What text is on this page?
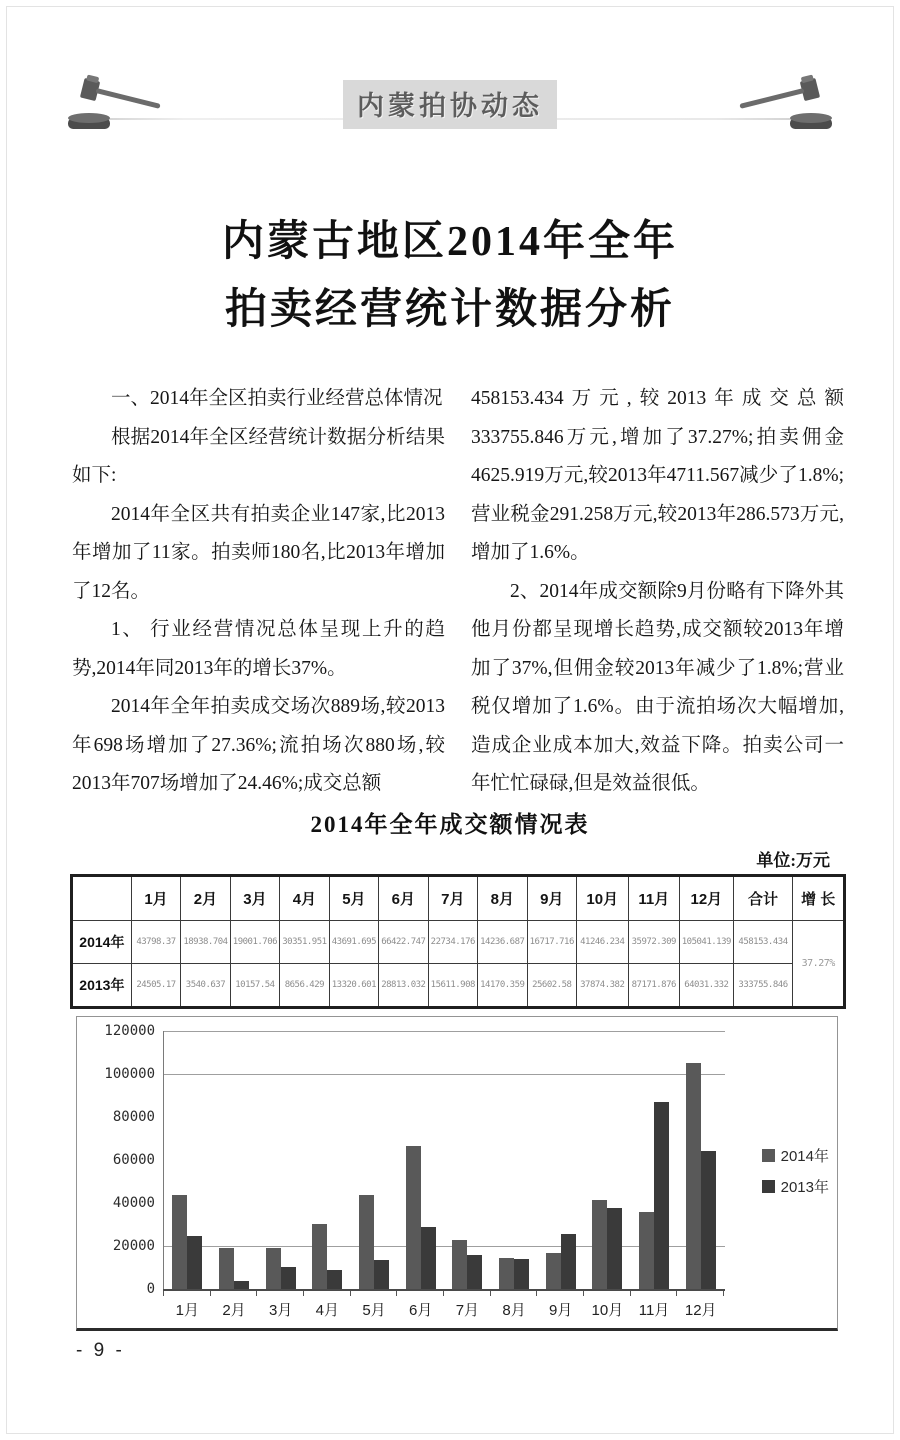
内蒙拍协动态
内蒙古地区2014年全年
拍卖经营统计数据分析

一、2014年全区拍卖行业经营总体情况

根据2014年全区经营统计数据分析结果如下:

2014年全区共有拍卖企业147家,比2013年增加了11家。拍卖师180名,比2013年增加了12名。

1、 行业经营情况总体呈现上升的趋势,2014年同2013年的增长37%。

2014年全年拍卖成交场次889场,较2013年698场增加了27.36%;流拍场次880场,较2013年707场增加了24.46%;成交总额

458153.434万元,较2013年成交总额333755.846万元,增加了37.27%;拍卖佣金4625.919万元,较2013年4711.567减少了1.8%;营业税金291.258万元,较2013年286.573万元,增加了1.6%。

2、2014年成交额除9月份略有下降外其他月份都呈现增长趋势,成交额较2013年增加了37%,但佣金较2013年减少了1.8%;营业税仅增加了1.6%。由于流拍场次大幅增加,造成企业成本加大,效益下降。拍卖公司一年忙忙碌碌,但是效益很低。

2014年全年成交额情况表
单位:万元
	1月	2月	3月	4月	5月	6月	7月	8月	9月	10月	11月	12月	合计	增 长
2014年	43798.37	18938.704	19001.706	30351.951	43691.695	66422.747	22734.176	14236.687	16717.716	41246.234	35972.309	105041.139	458153.434	37.27%
2013年	24505.17	3540.637	10157.54	8656.429	13320.601	28813.032	15611.908	14170.359	25602.58	37874.382	87171.876	64031.332	333755.846	
120000
100000
80000
60000
40000
20000
0
1月	2月	3月	4月	5月	6月	7月	8月	9月	10月	11月	12月
2014年
2013年
- 9 -
